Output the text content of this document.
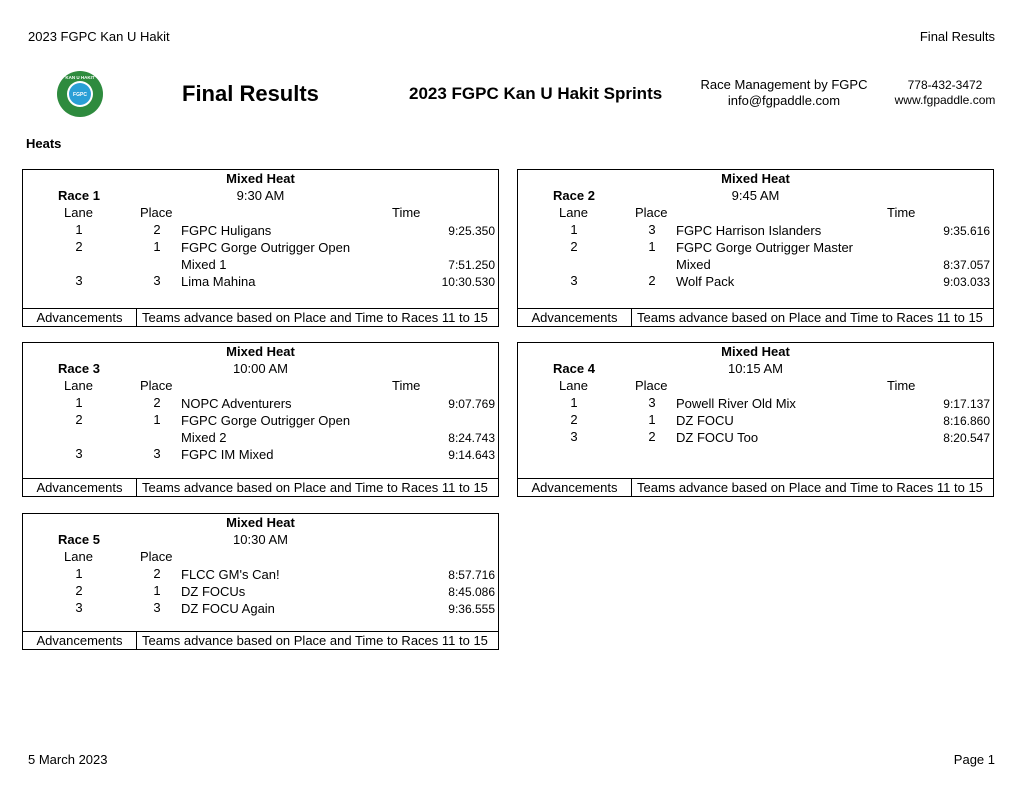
2023 FGPC Kan U Hakit	Final Results
FGPC
KAN U HAKIT
Final Results	2023 FGPC Kan U Hakit Sprints	Race Management by FGPC
info@fgpaddle.com
778-432-3472
www.fgpaddle.com
Heats
Mixed Heat
Race 1	9:30 AM
Lane	Place	Time
1	2	FGPC Huligans	9:25.350
2	1	FGPC Gorge Outrigger Open Mixed 1	7:51.250
3	3	Lima Mahina	10:30.530
Advancements	Teams advance based on Place and Time to Races 11 to 15
Mixed Heat
Race 2	9:45 AM
Lane	Place	Time
1	3	FGPC Harrison Islanders	9:35.616
2	1	FGPC Gorge Outrigger Master Mixed	8:37.057
3	2	Wolf Pack	9:03.033
Advancements	Teams advance based on Place and Time to Races 11 to 15
Mixed Heat
Race 3	10:00 AM
Lane	Place	Time
1	2	NOPC Adventurers	9:07.769
2	1	FGPC Gorge Outrigger Open Mixed 2	8:24.743
3	3	FGPC IM Mixed	9:14.643
Advancements	Teams advance based on Place and Time to Races 11 to 15
Mixed Heat
Race 4	10:15 AM
Lane	Place	Time
1	3	Powell River Old Mix	9:17.137
2	1	DZ FOCU	8:16.860
3	2	DZ FOCU Too	8:20.547
Advancements	Teams advance based on Place and Time to Races 11 to 15
Mixed Heat
Race 5	10:30 AM
Lane	Place
1	2	FLCC GM's Can!	8:57.716
2	1	DZ FOCUs	8:45.086
3	3	DZ FOCU Again	9:36.555
Advancements	Teams advance based on Place and Time to Races 11 to 15
5 March 2023	Page 1
